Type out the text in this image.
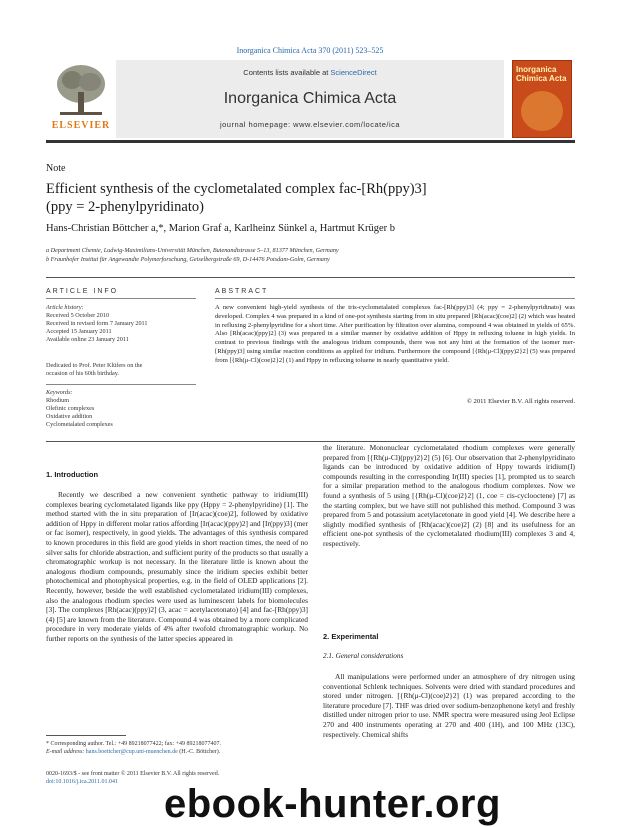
Inorganica Chimica Acta 370 (2011) 523–525
ELSEVIER
Contents lists available at ScienceDirect
Inorganica Chimica Acta
journal homepage: www.elsevier.com/locate/ica
Inorganica Chimica Acta
Note
Efficient synthesis of the cyclometalated complex fac-[Rh(ppy)3]
(ppy = 2-phenylpyridinato)
Hans-Christian Böttcher a,*, Marion Graf a, Karlheinz Sünkel a, Hartmut Krüger b
a Department Chemie, Ludwig-Maximilians-Universität München, Butenandtstrasse 5–13, 81377 München, Germany
b Fraunhofer Institut für Angewandte Polymerforschung, Geiselbergstraße 69, D-14476 Potsdam-Golm, Germany
ARTICLE INFO	ABSTRACT
Article history:
Received 5 October 2010
Received in revised form 7 January 2011
Accepted 15 January 2011
Available online 23 January 2011
Dedicated to Prof. Peter Klüfers on the
occasion of his 60th birthday.
Keywords:
Rhodium
Olefinic complexes
Oxidative addition
Cyclometalated complexes
A new convenient high-yield synthesis of the tris-cyclometalated complexes fac-[Rh(ppy)3] (4; ppy = 2-phenylpyridinato) was developed. Complex 4 was prepared in a kind of one-pot synthesis starting from in situ prepared [Rh(acac)(coe)2] (2) which was heated in refluxing 2-phenylpyridine for a short time. After purification by filtration over alumina, compound 4 was obtained in yields of 65%. Also [Rh(acac)(ppy)2] (3) was prepared in a similar manner by oxidative addition of Hppy in refluxing toluene in high yields. In contrast to previous findings with the analogous iridium compounds, there was not any hint at the formation of the isomer mer-[Rh(ppy)3] using similar reaction conditions as applied for iridium. Furthermore the compound [{Rh(μ-Cl)(ppy)2}2] (5) was prepared from [{Rh(μ-Cl)(coe)2}2] (1) and Hppy in refluxing toluene in nearly quantitative yield.
© 2011 Elsevier B.V. All rights reserved.
1. Introduction
Recently we described a new convenient synthetic pathway to iridium(III) complexes bearing cyclometalated ligands like ppy (Hppy = 2-phenylpyridine) [1]. The method started with the in situ preparation of [Ir(acac)(coe)2], followed by oxidative addition of Hppy in different molar ratios affording [Ir(acac)(ppy)2] and [Ir(ppy)3] (mer or fac isomer), respectively, in good yields. The advantages of this synthesis compared to known procedures in this field are good yields in short reaction times, the need of no silver salts for chloride abstraction, and sufficient purity of the products so that usually a chromatographic workup is not necessary. In the literature little is known about the analogous rhodium compounds, presumably since the iridium species exhibit better photochemical and photophysical properties, e.g. in the field of OLED applications [2]. Recently, however, beside the well established cyclometalated iridium(III) complexes, also the analogous rhodium species were used as luminescent labels for biomolecules [3]. The complexes [Rh(acac)(ppy)2] (3, acac = acetylacetonato) [4] and fac-[Rh(ppy)3] (4) [5] are known from the literature. Compound 4 was obtained by a more complicated procedure in very moderate yields of 4% after twofold chromatographic workup. No further reports on the synthesis of the latter species appeared in
the literature. Mononuclear cyclometalated rhodium complexes were generally prepared from [{Rh(μ-Cl)(ppy)2}2] (5) [6]. Our observation that 2-phenylpyridinato ligands can be introduced by oxidative addition of Hppy towards iridium(I) compounds resulting in the corresponding Ir(III) species [1], prompted us to search for a similar preparation method to the analogous rhodium complexes. Now we found a synthesis of 5 using [{Rh(μ-Cl)(coe)2}2] (1, coe = cis-cyclooctene) [7] as the starting complex, but we have still not published this method. Compound 3 was prepared from 5 and potassium acetylacetonate in good yield [4]. We describe here a slightly modified synthesis of [Rh(acac)(coe)2] (2) [8] and its usefulness for an efficient one-pot synthesis of the cyclometalated rhodium(III) complexes 3 and 4, respectively.
2. Experimental
2.1. General considerations
All manipulations were performed under an atmosphere of dry nitrogen using conventional Schlenk techniques. Solvents were dried with standard procedures and stored under nitrogen. [{Rh(μ-Cl)(coe)2}2] (1) was prepared according to the literature procedure [7]. THF was dried over sodium-benzophenone ketyl and freshly distilled under nitrogen prior to use. NMR spectra were measured using Jeol Eclipse 270 and 400 instruments operating at 270 and 400 (1H), and 100 MHz (13C), respectively. Chemical shifts
* Corresponding author. Tel.: +49 89218077422; fax: +49 89218077407.
E-mail address: hans.boettcher@cup.uni-muenchen.de (H.-C. Böttcher).
0020-1693/$ - see front matter © 2011 Elsevier B.V. All rights reserved.
doi:10.1016/j.ica.2011.01.041	ebook-hunter.org
